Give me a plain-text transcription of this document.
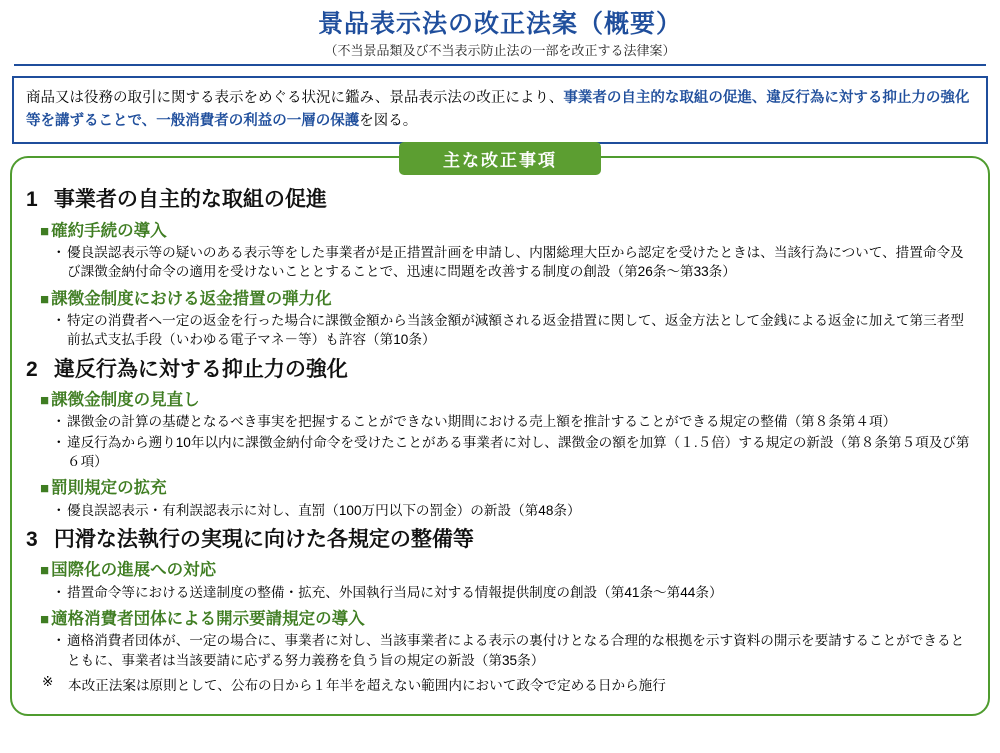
景品表示法の改正法案（概要）
（不当景品類及び不当表示防止法の一部を改正する法律案）
商品又は役務の取引に関する表示をめぐる状況に鑑み、景品表示法の改正により、事業者の自主的な取組の促進、違反行為に対する抑止力の強化等を講ずることで、一般消費者の利益の一層の保護を図る。
主な改正事項
1 事業者の自主的な取組の促進
■ 確約手続の導入
・ 優良誤認表示等の疑いのある表示等をした事業者が是正措置計画を申請し、内閣総理大臣から認定を受けたときは、当該行為について、措置命令及び課徴金納付命令の適用を受けないこととすることで、迅速に問題を改善する制度の創設（第26条〜第33条）
■ 課徴金制度における返金措置の弾力化
・ 特定の消費者へ一定の返金を行った場合に課徴金額から当該金額が減額される返金措置に関して、返金方法として金銭による返金に加えて第三者型前払式支払手段（いわゆる電子マネ－等）も許容（第10条）
2 違反行為に対する抑止力の強化
■ 課徴金制度の見直し
・ 課徴金の計算の基礎となるべき事実を把握することができない期間における売上額を推計することができる規定の整備（第８条第４項）
・ 違反行為から遡り10年以内に課徴金納付命令を受けたことがある事業者に対し、課徴金の額を加算（１.５倍）する規定の新設（第８条第５項及び第６項）
■ 罰則規定の拡充
・ 優良誤認表示・有利誤認表示に対し、直罰（100万円以下の罰金）の新設（第48条）
3 円滑な法執行の実現に向けた各規定の整備等
■ 国際化の進展への対応
・ 措置命令等における送達制度の整備・拡充、外国執行当局に対する情報提供制度の創設（第41条〜第44条）
■ 適格消費者団体による開示要請規定の導入
・ 適格消費者団体が、一定の場合に、事業者に対し、当該事業者による表示の裏付けとなる合理的な根拠を示す資料の開示を要請することができるとともに、事業者は当該要請に応ずる努力義務を負う旨の規定の新設（第35条）
※	本改正法案は原則として、公布の日から１年半を超えない範囲内において政令で定める日から施行
